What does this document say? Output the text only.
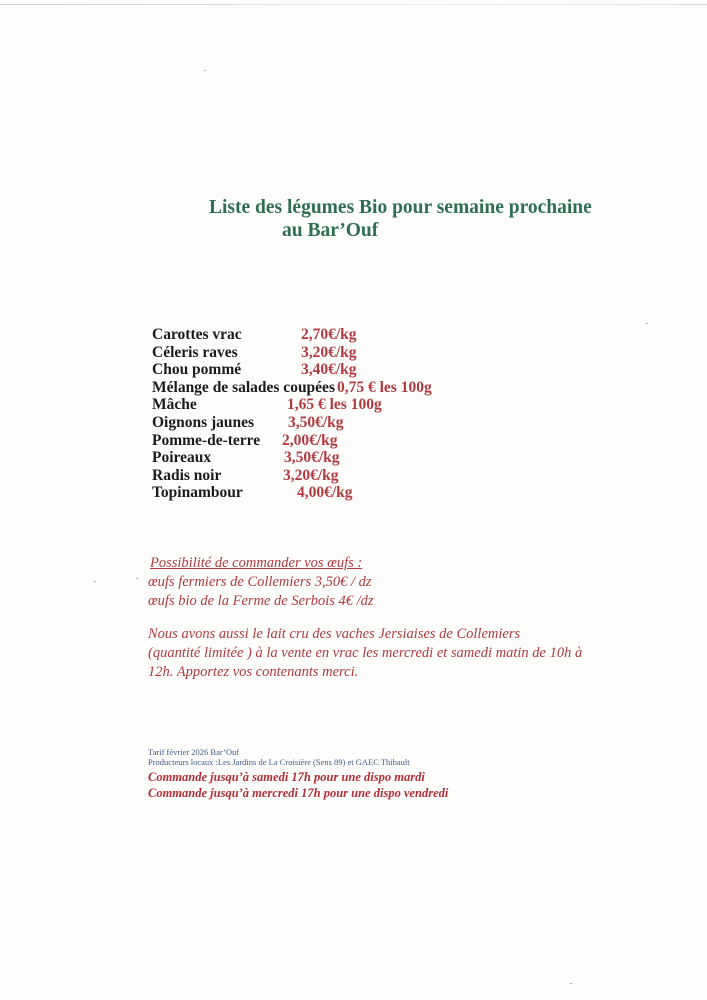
Liste des légumes Bio pour semaine prochaine
au Bar’Ouf
Carottes vrac	2,70€/kg
Céleris raves	3,20€/kg
Chou pommé	3,40€/kg
Mélange de salades coupées 0,75 € les 100g
Mâche	1,65 € les 100g
Oignons jaunes 3,50€/kg
Pomme-de-terre 2,00€/kg
Poireaux	3,50€/kg
Radis noir	3,20€/kg
Topinambour	4,00€/kg
Possibilité de commander vos œufs :
œufs fermiers de Collemiers 3,50€ / dz
œufs bio de la Ferme de Serbois 4€ /dz
Nous avons aussi le lait cru des vaches Jersiaises de Collemiers
(quantité limitée ) à la vente en vrac les mercredi et samedi matin de 10h à
12h. Apportez vos contenants merci.
Tarif février 2026 Bar’Ouf
Producteurs locaux :Les Jardins de La Croisière (Sens 89) et GAEC Thibault
Commande jusqu’à samedi 17h pour une dispo mardi
Commande jusqu’à mercredi 17h pour une dispo vendredi
